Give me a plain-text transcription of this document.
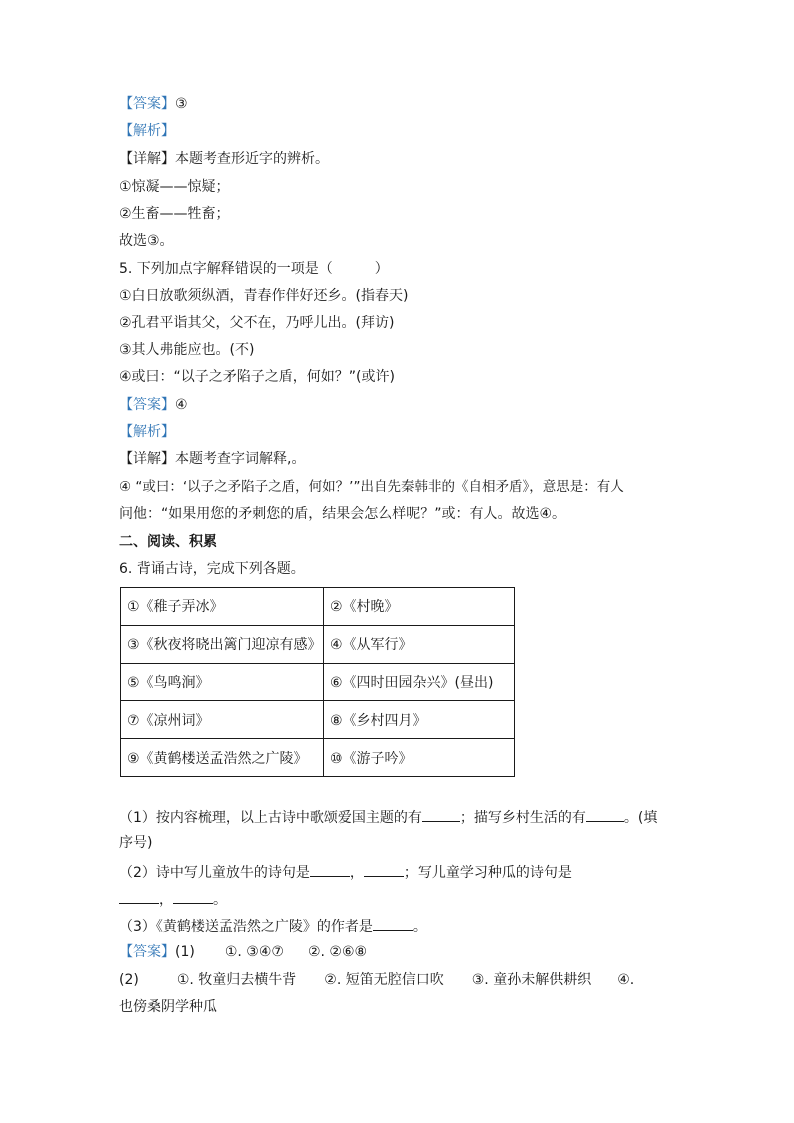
【答案】③
【解析】
【详解】本题考查形近字的辨析。
①惊凝——惊疑；
②生畜——牲畜；
故选③。
5. 下列加点字解释错误的一项是（　　　）
①白日放歌须纵酒，青春作伴好还乡。(指春天)
②孔君平诣其父，父不在，乃呼儿出。(拜访)
③其人弗能应也。(不)
④或曰：“以子之矛陷子之盾，何如？”(或许)
【答案】④
【解析】
【详解】本题考查字词解释,。
④ “或曰：‘以子之矛陷子之盾，何如？’”出自先秦韩非的《自相矛盾》，意思是：有人
问他：“如果用您的矛刺您的盾，结果会怎么样呢？”或：有人。故选④。
二、阅读、积累
6. 背诵古诗，完成下列各题。
①《稚子弄冰》	②《村晚》
③《秋夜将晓出篱门迎凉有感》	④《从军行》
⑤《鸟鸣涧》	⑥《四时田园杂兴》(昼出)
⑦《凉州词》	⑧《乡村四月》
⑨《黄鹤楼送孟浩然之广陵》	⑩《游子吟》
（1）按内容梳理，以上古诗中歌颂爱国主题的有	；描写乡村生活的有	。(填
序号)
（2）诗中写儿童放牛的诗句是	，	；写儿童学习种瓜的诗句是
，	。
（3）《黄鹤楼送孟浩然之广陵》的作者是	。
【答案】(1) ①. ③④⑦ ②. ②⑥⑧
(2)	①. 牧童归去横牛背 ②. 短笛无腔信口吹 ③. 童孙未解供耕织 ④.
也傍桑阴学种瓜
